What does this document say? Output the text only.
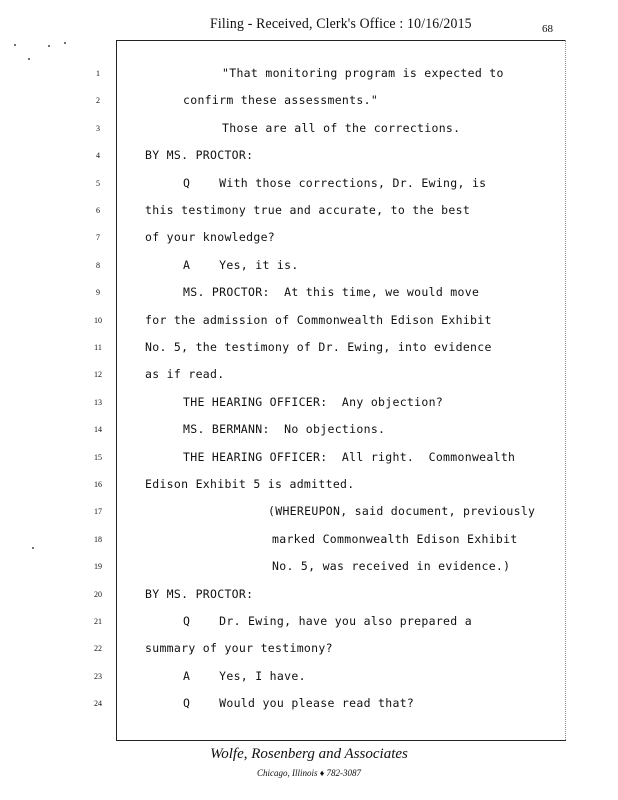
Filing - Received, Clerk's Office : 10/16/2015	68
1	"That monitoring program is expected to
2	confirm these assessments."
3	Those are all of the corrections.
4	BY MS. PROCTOR:
5	Q    With those corrections, Dr. Ewing, is
6	this testimony true and accurate, to the best
7	of your knowledge?
8	A    Yes, it is.
9	MS. PROCTOR:  At this time, we would move
10	for the admission of Commonwealth Edison Exhibit
11	No. 5, the testimony of Dr. Ewing, into evidence
12	as if read.
13	THE HEARING OFFICER:  Any objection?
14	MS. BERMANN:  No objections.
15	THE HEARING OFFICER:  All right.  Commonwealth
16	Edison Exhibit 5 is admitted.
17	(WHEREUPON, said document, previously
18	marked Commonwealth Edison Exhibit
19	No. 5, was received in evidence.)
20	BY MS. PROCTOR:
21	Q    Dr. Ewing, have you also prepared a
22	summary of your testimony?
23	A    Yes, I have.
24	Q    Would you please read that?
Wolfe, Rosenberg and Associates
Chicago, Illinois ♦ 782-3087
